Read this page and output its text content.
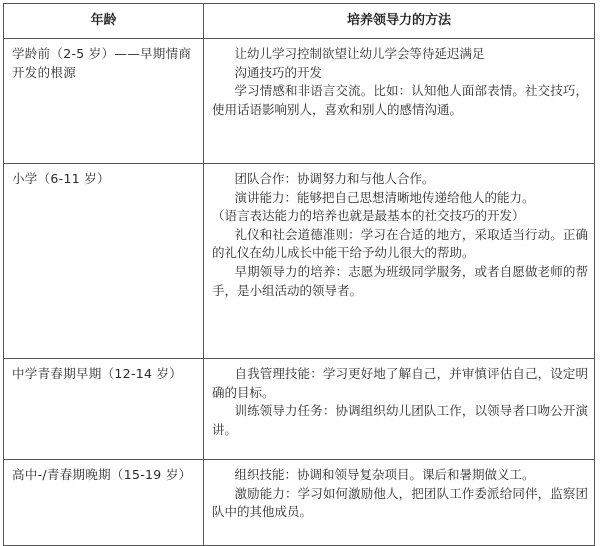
年龄	培养领导力的方法
学龄前（2-5 岁）——早期情商开发的根源	让幼儿学习控制欲望让幼儿学会等待延迟满足

沟通技巧的开发

学习情感和非语言交流。比如：认知他人面部表情。社交技巧，使用话语影响别人，喜欢和别人的感情沟通。

小学（6-11 岁）	团队合作：协调努力和与他人合作。

演讲能力：能够把自己思想清晰地传递给他人的能力。

（语言表达能力的培养也就是最基本的社交技巧的开发）

礼仪和社会道德准则：学习在合适的地方，采取适当行动。正确的礼仪在幼儿成长中能干给予幼儿很大的帮助。

早期领导力的培养：志愿为班级同学服务，或者自愿做老师的帮手，是小组活动的领导者。

中学青春期早期（12-14 岁）	自我管理技能：学习更好地了解自己，并审慎评估自己，设定明确的目标。

训练领导力任务：协调组织幼儿团队工作，以领导者口吻公开演讲。

高中-/青春期晚期（15-19 岁）	组织技能：协调和领导复杂项目。课后和暑期做义工。

激励能力：学习如何激励他人，把团队工作委派给同伴，监察团队中的其他成员。
